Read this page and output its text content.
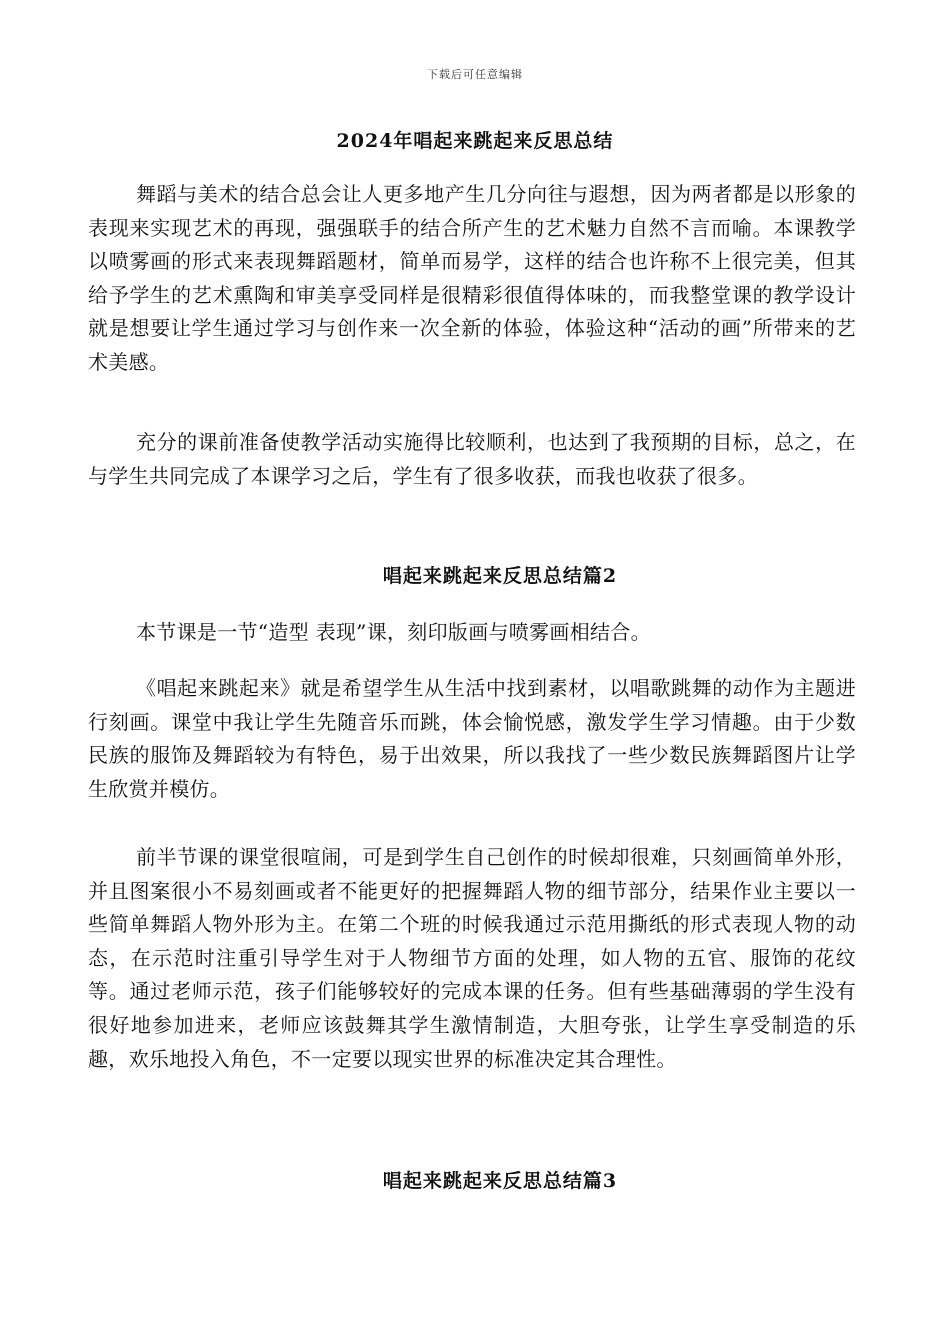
下载后可任意编辑
2024年唱起来跳起来反思总结

舞蹈与美术的结合总会让人更多地产生几分向往与遐想，因为两者都是以形象的表现来实现艺术的再现，强强联手的结合所产生的艺术魅力自然不言而喻。本课教学以喷雾画的形式来表现舞蹈题材，简单而易学，这样的结合也许称不上很完美，但其给予学生的艺术熏陶和审美享受同样是很精彩很值得体味的，而我整堂课的教学设计就是想要让学生通过学习与创作来一次全新的体验，体验这种“活动的画”所带来的艺术美感。

充分的课前准备使教学活动实施得比较顺利，也达到了我预期的目标，总之，在与学生共同完成了本课学习之后，学生有了很多收获，而我也收获了很多。

唱起来跳起来反思总结篇2

本节课是一节“造型 表现”课，刻印版画与喷雾画相结合。

《唱起来跳起来》就是希望学生从生活中找到素材，以唱歌跳舞的动作为主题进行刻画。课堂中我让学生先随音乐而跳，体会愉悦感，激发学生学习情趣。由于少数民族的服饰及舞蹈较为有特色，易于出效果，所以我找了一些少数民族舞蹈图片让学生欣赏并模仿。

前半节课的课堂很喧闹，可是到学生自己创作的时候却很难，只刻画简单外形，并且图案很小不易刻画或者不能更好的把握舞蹈人物的细节部分，结果作业主要以一些简单舞蹈人物外形为主。在第二个班的时候我通过示范用撕纸的形式表现人物的动态，在示范时注重引导学生对于人物细节方面的处理，如人物的五官、服饰的花纹等。通过老师示范，孩子们能够较好的完成本课的任务。但有些基础薄弱的学生没有很好地参加进来，老师应该鼓舞其学生激情制造，大胆夸张，让学生享受制造的乐趣，欢乐地投入角色，不一定要以现实世界的标准决定其合理性。

唱起来跳起来反思总结篇3
